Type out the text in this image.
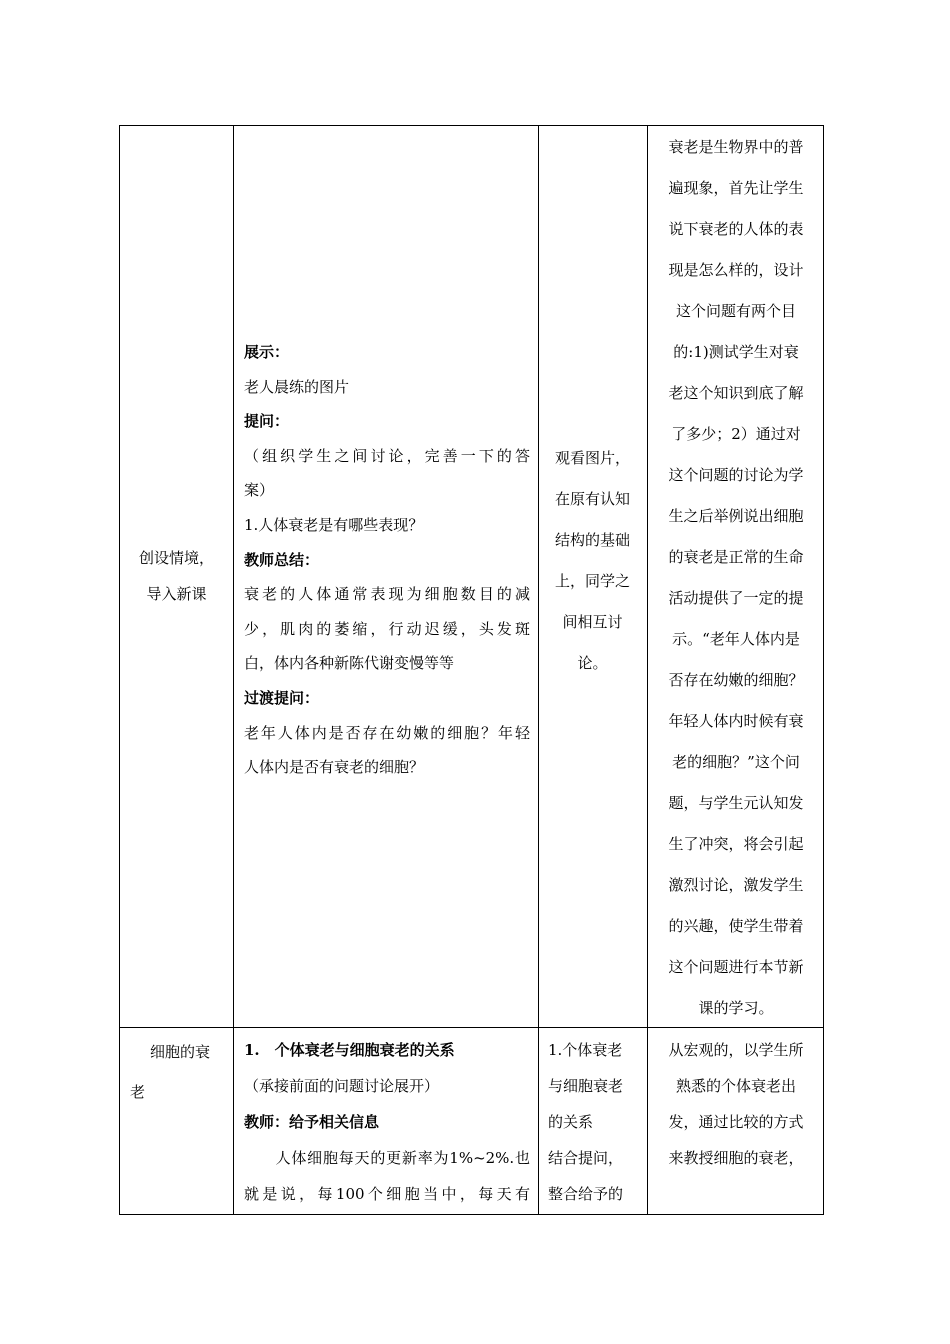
创设情境，
导入新课
展示：
老人晨练的图片
提问：
（组织学生之间讨论，完善一下的答
案）
1.人体衰老是有哪些表现？
教师总结：
衰老的人体通常表现为细胞数目的减
少，肌肉的萎缩，行动迟缓，头发斑
白，体内各种新陈代谢变慢等等
过渡提问：
老年人体内是否存在幼嫩的细胞？年轻
人体内是否有衰老的细胞？
观看图片，
在原有认知
结构的基础
上，同学之
间相互讨
论。
衰老是生物界中的普
遍现象，首先让学生
说下衰老的人体的表
现是怎么样的，设计
这个问题有两个目
的:1)测试学生对衰
老这个知识到底了解
了多少；2）通过对
这个问题的讨论为学
生之后举例说出细胞
的衰老是正常的生命
活动提供了一定的提
示。“老年人体内是
否存在幼嫩的细胞？
年轻人体内时候有衰
老的细胞？”这个问
题，与学生元认知发
生了冲突，将会引起
激烈讨论，激发学生
的兴趣，使学生带着
这个问题进行本节新
课的学习。
细胞的衰
老
1.　个体衰老与细胞衰老的关系
（承接前面的问题讨论展开）
教师：给予相关信息
　　人体细胞每天的更新率为1%~2%.也
就是说，每100个细胞当中，每天有
1.个体衰老
与细胞衰老
的关系
结合提问，
整合给予的
从宏观的，以学生所
熟悉的个体衰老出
发，通过比较的方式
来教授细胞的衰老，
